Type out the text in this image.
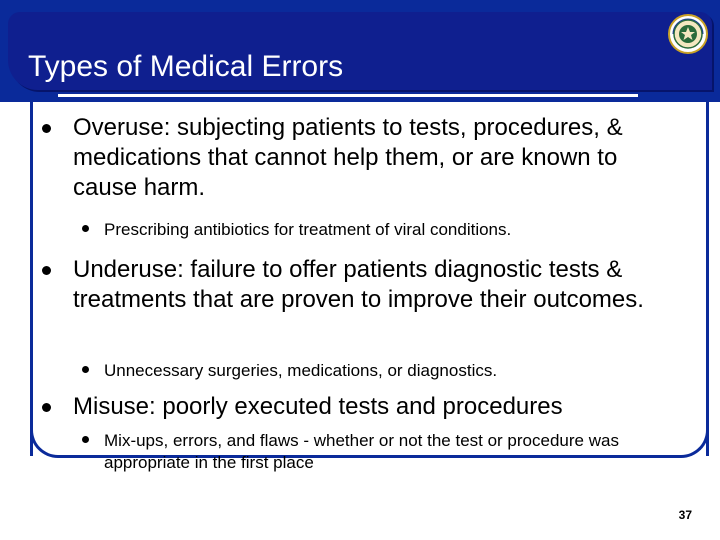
Types of Medical Errors

Overuse: subjecting patients to tests, procedures, & medications that cannot help them, or are known to cause harm.

Prescribing antibiotics for treatment of viral conditions.

Underuse: failure to offer patients diagnostic tests & treatments that are proven to improve their outcomes.

Unnecessary surgeries, medications, or diagnostics.

Misuse: poorly executed tests and procedures

Mix-ups, errors, and flaws - whether or not the test or procedure was appropriate in the first place

37
